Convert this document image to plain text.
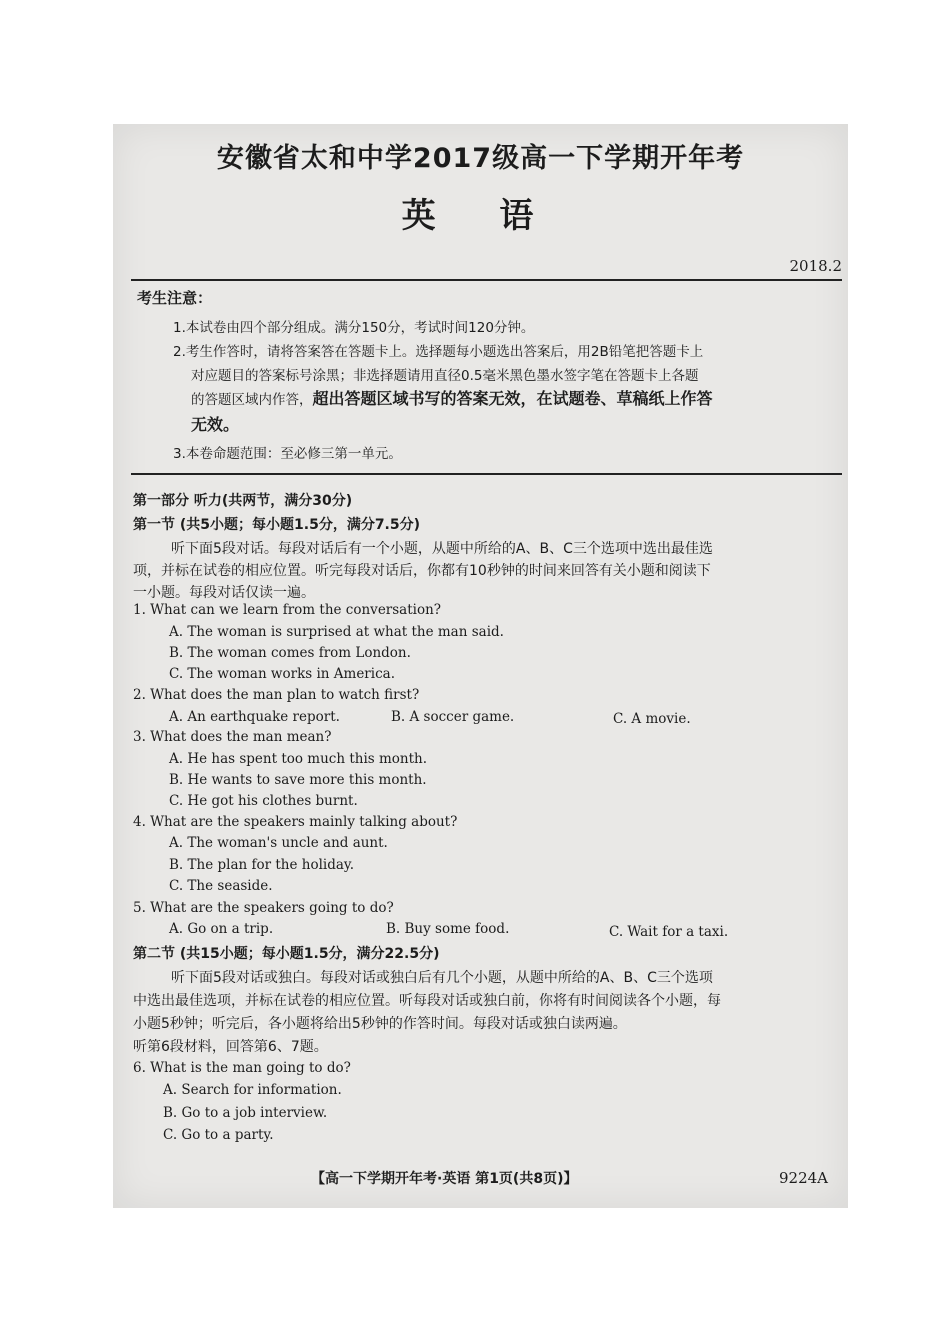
安徽省太和中学2017级高一下学期开年考
英 语
2018.2
考生注意：
1.本试卷由四个部分组成。满分150分，考试时间120分钟。
2.考生作答时，请将答案答在答题卡上。选择题每小题选出答案后，用2B铅笔把答题卡上
对应题目的答案标号涂黑；非选择题请用直径0.5毫米黑色墨水签字笔在答题卡上各题
的答题区域内作答，超出答题区域书写的答案无效，在试题卷、草稿纸上作答
无效。
3.本卷命题范围：至必修三第一单元。
第一部分 听力(共两节，满分30分)
第一节 (共5小题；每小题1.5分，满分7.5分)
听下面5段对话。每段对话后有一个小题，从题中所给的A、B、C三个选项中选出最佳选
项，并标在试卷的相应位置。听完每段对话后，你都有10秒钟的时间来回答有关小题和阅读下
一小题。每段对话仅读一遍。
1. What can we learn from the conversation?
A. The woman is surprised at what the man said.
B. The woman comes from London.
C. The woman works in America.
2. What does the man plan to watch first?
A. An earthquake report.	B. A soccer game.	C. A movie.
3. What does the man mean?
A. He has spent too much this month.
B. He wants to save more this month.
C. He got his clothes burnt.
4. What are the speakers mainly talking about?
A. The woman's uncle and aunt.
B. The plan for the holiday.
C. The seaside.
5. What are the speakers going to do?
A. Go on a trip.	B. Buy some food.	C. Wait for a taxi.
第二节 (共15小题；每小题1.5分，满分22.5分)
听下面5段对话或独白。每段对话或独白后有几个小题，从题中所给的A、B、C三个选项
中选出最佳选项，并标在试卷的相应位置。听每段对话或独白前，你将有时间阅读各个小题，每
小题5秒钟；听完后，各小题将给出5秒钟的作答时间。每段对话或独白读两遍。
听第6段材料，回答第6、7题。
6. What is the man going to do?
A. Search for information.
B. Go to a job interview.
C. Go to a party.
【高一下学期开年考·英语 第1页(共8页)】	9224A
